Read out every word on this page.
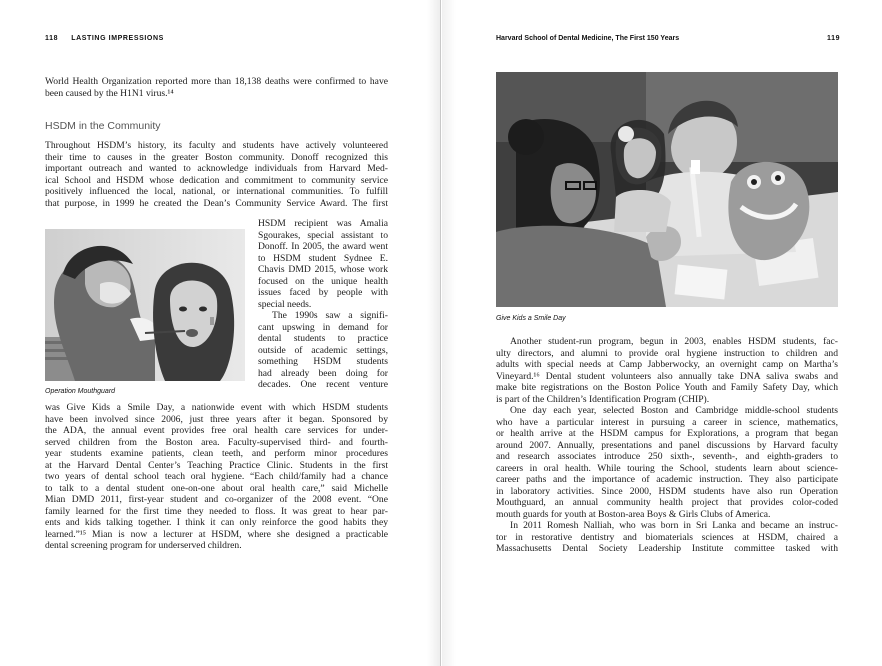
118 LASTING IMPRESSIONS
World Health Organization reported more than 18,138 deaths were confirmed to have been caused by the H1N1 virus.¹⁴
HSDM in the Community
Throughout HSDM’s history, its faculty and students have actively volunteered
their time to causes in the greater Boston community. Donoff recognized this
important outreach and wanted to acknowledge individuals from Harvard Med-
ical School and HSDM whose dedication and commitment to community service
positively influenced the local, national, or international communities. To fulfill
that purpose, in 1999 he created the Dean’s Community Service Award. The first
Operation Mouthguard
HSDM recipient was Amalia
Sgourakes, special assistant to
Donoff. In 2005, the award went
to HSDM student Sydnee E.
Chavis DMD 2015, whose work
focused on the unique health
issues faced by people with
special needs.
The 1990s saw a signifi-
cant upswing in demand for
dental students to practice
outside of academic settings,
something HSDM students
had already been doing for
decades. One recent venture
was Give Kids a Smile Day, a nationwide event with which HSDM students
have been involved since 2006, just three years after it began. Sponsored by
the ADA, the annual event provides free oral health care services for under-
served children from the Boston area. Faculty-supervised third- and fourth-
year students examine patients, clean teeth, and perform minor procedures
at the Harvard Dental Center’s Teaching Practice Clinic. Students in the first
two years of dental school teach oral hygiene. “Each child/family had a chance
to talk to a dental student one-on-one about oral health care,” said Michelle
Mian DMD 2011, first-year student and co-organizer of the 2008 event. “One
family learned for the first time they needed to floss. It was great to hear par-
ents and kids talking together. I think it can only reinforce the good habits they
learned.”¹⁵ Mian is now a lecturer at HSDM, where she designed a practicable
dental screening program for underserved children.
Harvard School of Dental Medicine, The First 150 Years	119
Give Kids a Smile Day
Another student-run program, begun in 2003, enables HSDM students, fac-
ulty directors, and alumni to provide oral hygiene instruction to children and
adults with special needs at Camp Jabberwocky, an overnight camp on Martha’s
Vineyard.¹⁶ Dental student volunteers also annually take DNA saliva swabs and
make bite registrations on the Boston Police Youth and Family Safety Day, which
is part of the Children’s Identification Program (CHIP).
One day each year, selected Boston and Cambridge middle-school students
who have a particular interest in pursuing a career in science, mathematics,
or health arrive at the HSDM campus for Explorations, a program that began
around 2007. Annually, presentations and panel discussions by Harvard faculty
and research associates introduce 250 sixth-, seventh-, and eighth-graders to
careers in oral health. While touring the School, students learn about science-
career paths and the importance of academic instruction. They also participate
in laboratory activities. Since 2000, HSDM students have also run Operation
Mouthguard, an annual community health project that provides color-coded
mouth guards for youth at Boston-area Boys & Girls Clubs of America.
In 2011 Romesh Nalliah, who was born in Sri Lanka and became an instruc-
tor in restorative dentistry and biomaterials sciences at HSDM, chaired a
Massachusetts Dental Society Leadership Institute committee tasked with
